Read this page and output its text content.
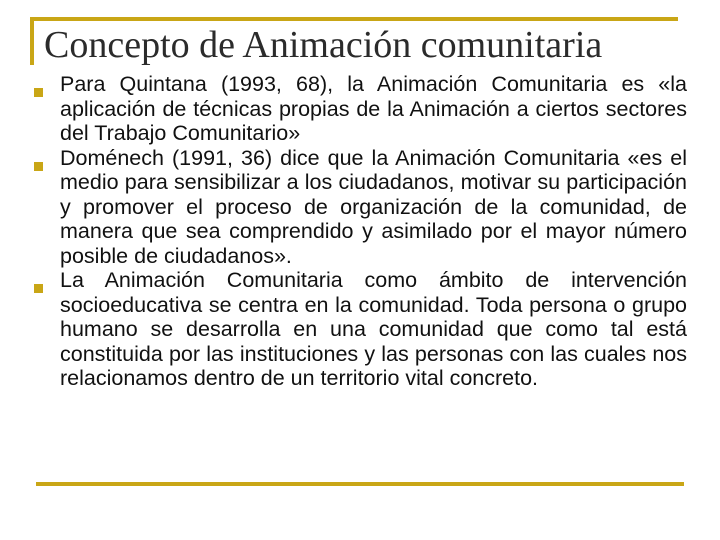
Concepto de Animación comunitaria
Para Quintana (1993, 68), la Animación Comunitaria es «la aplicación de técnicas propias de la Animación a ciertos sectores del Trabajo Comunitario»
Doménech (1991, 36) dice que la Animación Comunitaria «es el medio para sensibilizar a los ciudadanos, motivar su participación y promover el proceso de organización de la comunidad, de manera que sea comprendido y asimilado por el mayor número posible de ciudadanos».
La Animación Comunitaria como ámbito de intervención socioeducativa se centra en la comunidad. Toda persona o grupo humano se desarrolla en una comunidad que como tal está constituida por las instituciones y las personas con las cuales nos relacionamos dentro de un territorio vital concreto.
